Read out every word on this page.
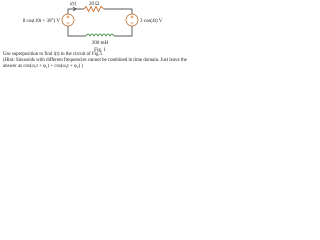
i(t)	20 Ω
8 cos(10t + 30°) V	3 cos(4t) V
300 mH
Fig. 1
Use superposition to find i(t) in the circuit of Fig.1.
(Hint: Sinusoids with different frequencies cannot be combined in time domain. Just leave the
answer as cos(ω₁t + φ₁) + cos(ω₂t + φ₂) )
